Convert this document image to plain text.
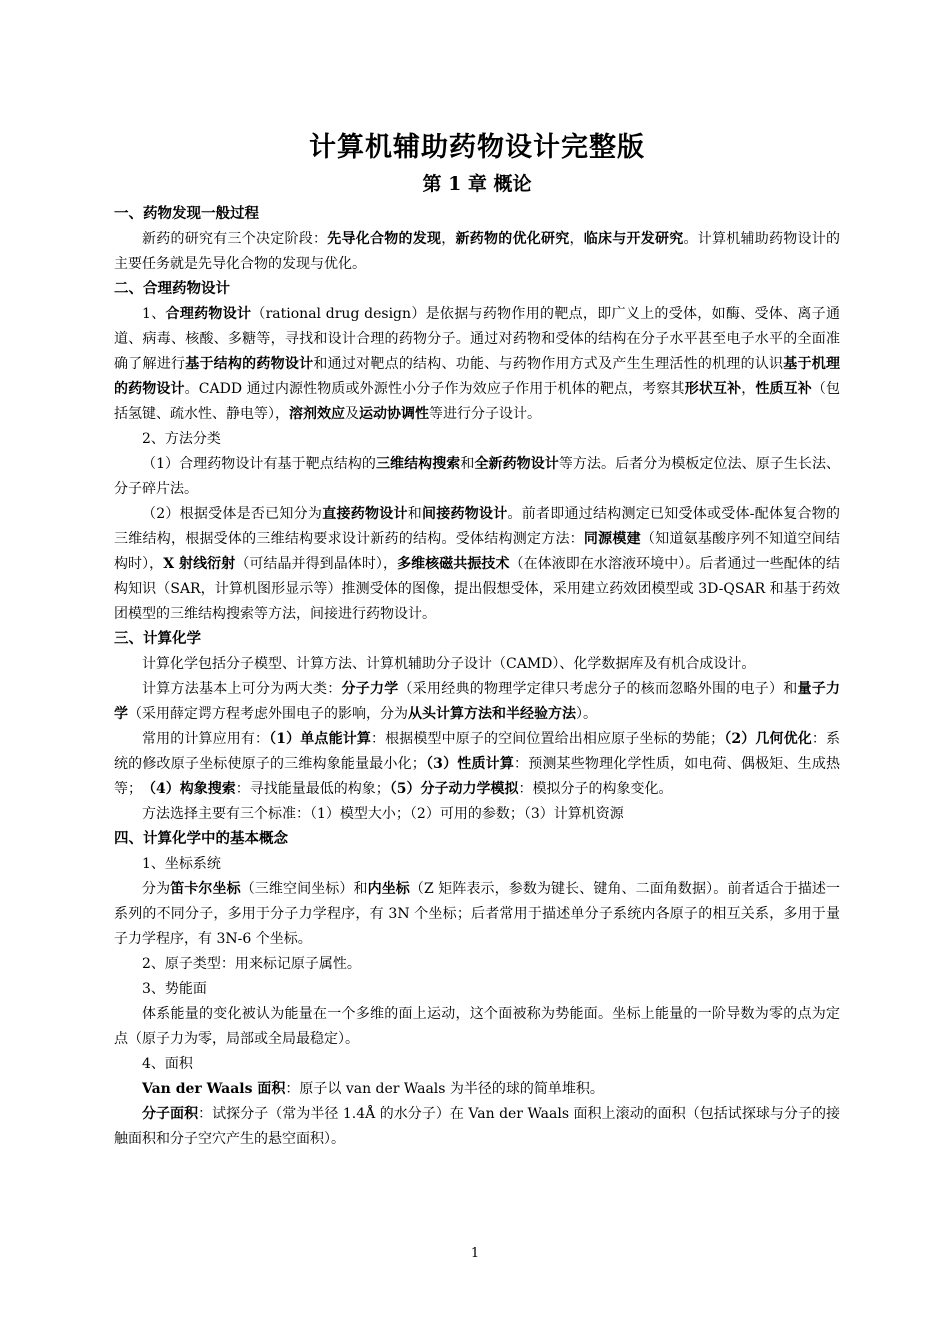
计算机辅助药物设计完整版
第 1 章 概论
一、药物发现一般过程

新药的研究有三个决定阶段：先导化合物的发现，新药物的优化研究，临床与开发研究。计算机辅助药物设计的主要任务就是先导化合物的发现与优化。

二、合理药物设计

1、合理药物设计（rational drug design）是依据与药物作用的靶点，即广义上的受体，如酶、受体、离子通道、病毒、核酸、多糖等，寻找和设计合理的药物分子。通过对药物和受体的结构在分子水平甚至电子水平的全面准确了解进行基于结构的药物设计和通过对靶点的结构、功能、与药物作用方式及产生生理活性的机理的认识基于机理的药物设计。CADD 通过内源性物质或外源性小分子作为效应子作用于机体的靶点，考察其形状互补，性质互补（包括氢键、疏水性、静电等），溶剂效应及运动协调性等进行分子设计。

2、方法分类

（1）合理药物设计有基于靶点结构的三维结构搜索和全新药物设计等方法。后者分为模板定位法、原子生长法、分子碎片法。

（2）根据受体是否已知分为直接药物设计和间接药物设计。前者即通过结构测定已知受体或受体-配体复合物的三维结构，根据受体的三维结构要求设计新药的结构。受体结构测定方法：同源模建（知道氨基酸序列不知道空间结构时），X 射线衍射（可结晶并得到晶体时），多维核磁共振技术（在体液即在水溶液环境中）。后者通过一些配体的结构知识（SAR，计算机图形显示等）推测受体的图像，提出假想受体，采用建立药效团模型或 3D-QSAR 和基于药效团模型的三维结构搜索等方法，间接进行药物设计。

三、计算化学

计算化学包括分子模型、计算方法、计算机辅助分子设计（CAMD）、化学数据库及有机合成设计。

计算方法基本上可分为两大类：分子力学（采用经典的物理学定律只考虑分子的核而忽略外围的电子）和量子力学（采用薛定谔方程考虑外围电子的影响，分为从头计算方法和半经验方法）。

常用的计算应用有：（1）单点能计算：根据模型中原子的空间位置给出相应原子坐标的势能；（2）几何优化：系统的修改原子坐标使原子的三维构象能量最小化；（3）性质计算：预测某些物理化学性质，如电荷、偶极矩、生成热等；　（4）构象搜索：寻找能量最低的构象；（5）分子动力学模拟：模拟分子的构象变化。

方法选择主要有三个标准：（1）模型大小；（2）可用的参数；（3）计算机资源

四、计算化学中的基本概念

1、坐标系统

分为笛卡尔坐标（三维空间坐标）和内坐标（Z 矩阵表示，参数为键长、键角、二面角数据）。前者适合于描述一系列的不同分子，多用于分子力学程序，有 3N 个坐标；后者常用于描述单分子系统内各原子的相互关系，多用于量子力学程序，有 3N-6 个坐标。

2、原子类型：用来标记原子属性。

3、势能面

体系能量的变化被认为能量在一个多维的面上运动，这个面被称为势能面。坐标上能量的一阶导数为零的点为定点（原子力为零，局部或全局最稳定）。

4、面积

Van der Waals 面积：原子以 van der Waals 为半径的球的简单堆积。

分子面积：试探分子（常为半径 1.4Å 的水分子）在 Van der Waals 面积上滚动的面积（包括试探球与分子的接触面积和分子空穴产生的悬空面积）。

1
